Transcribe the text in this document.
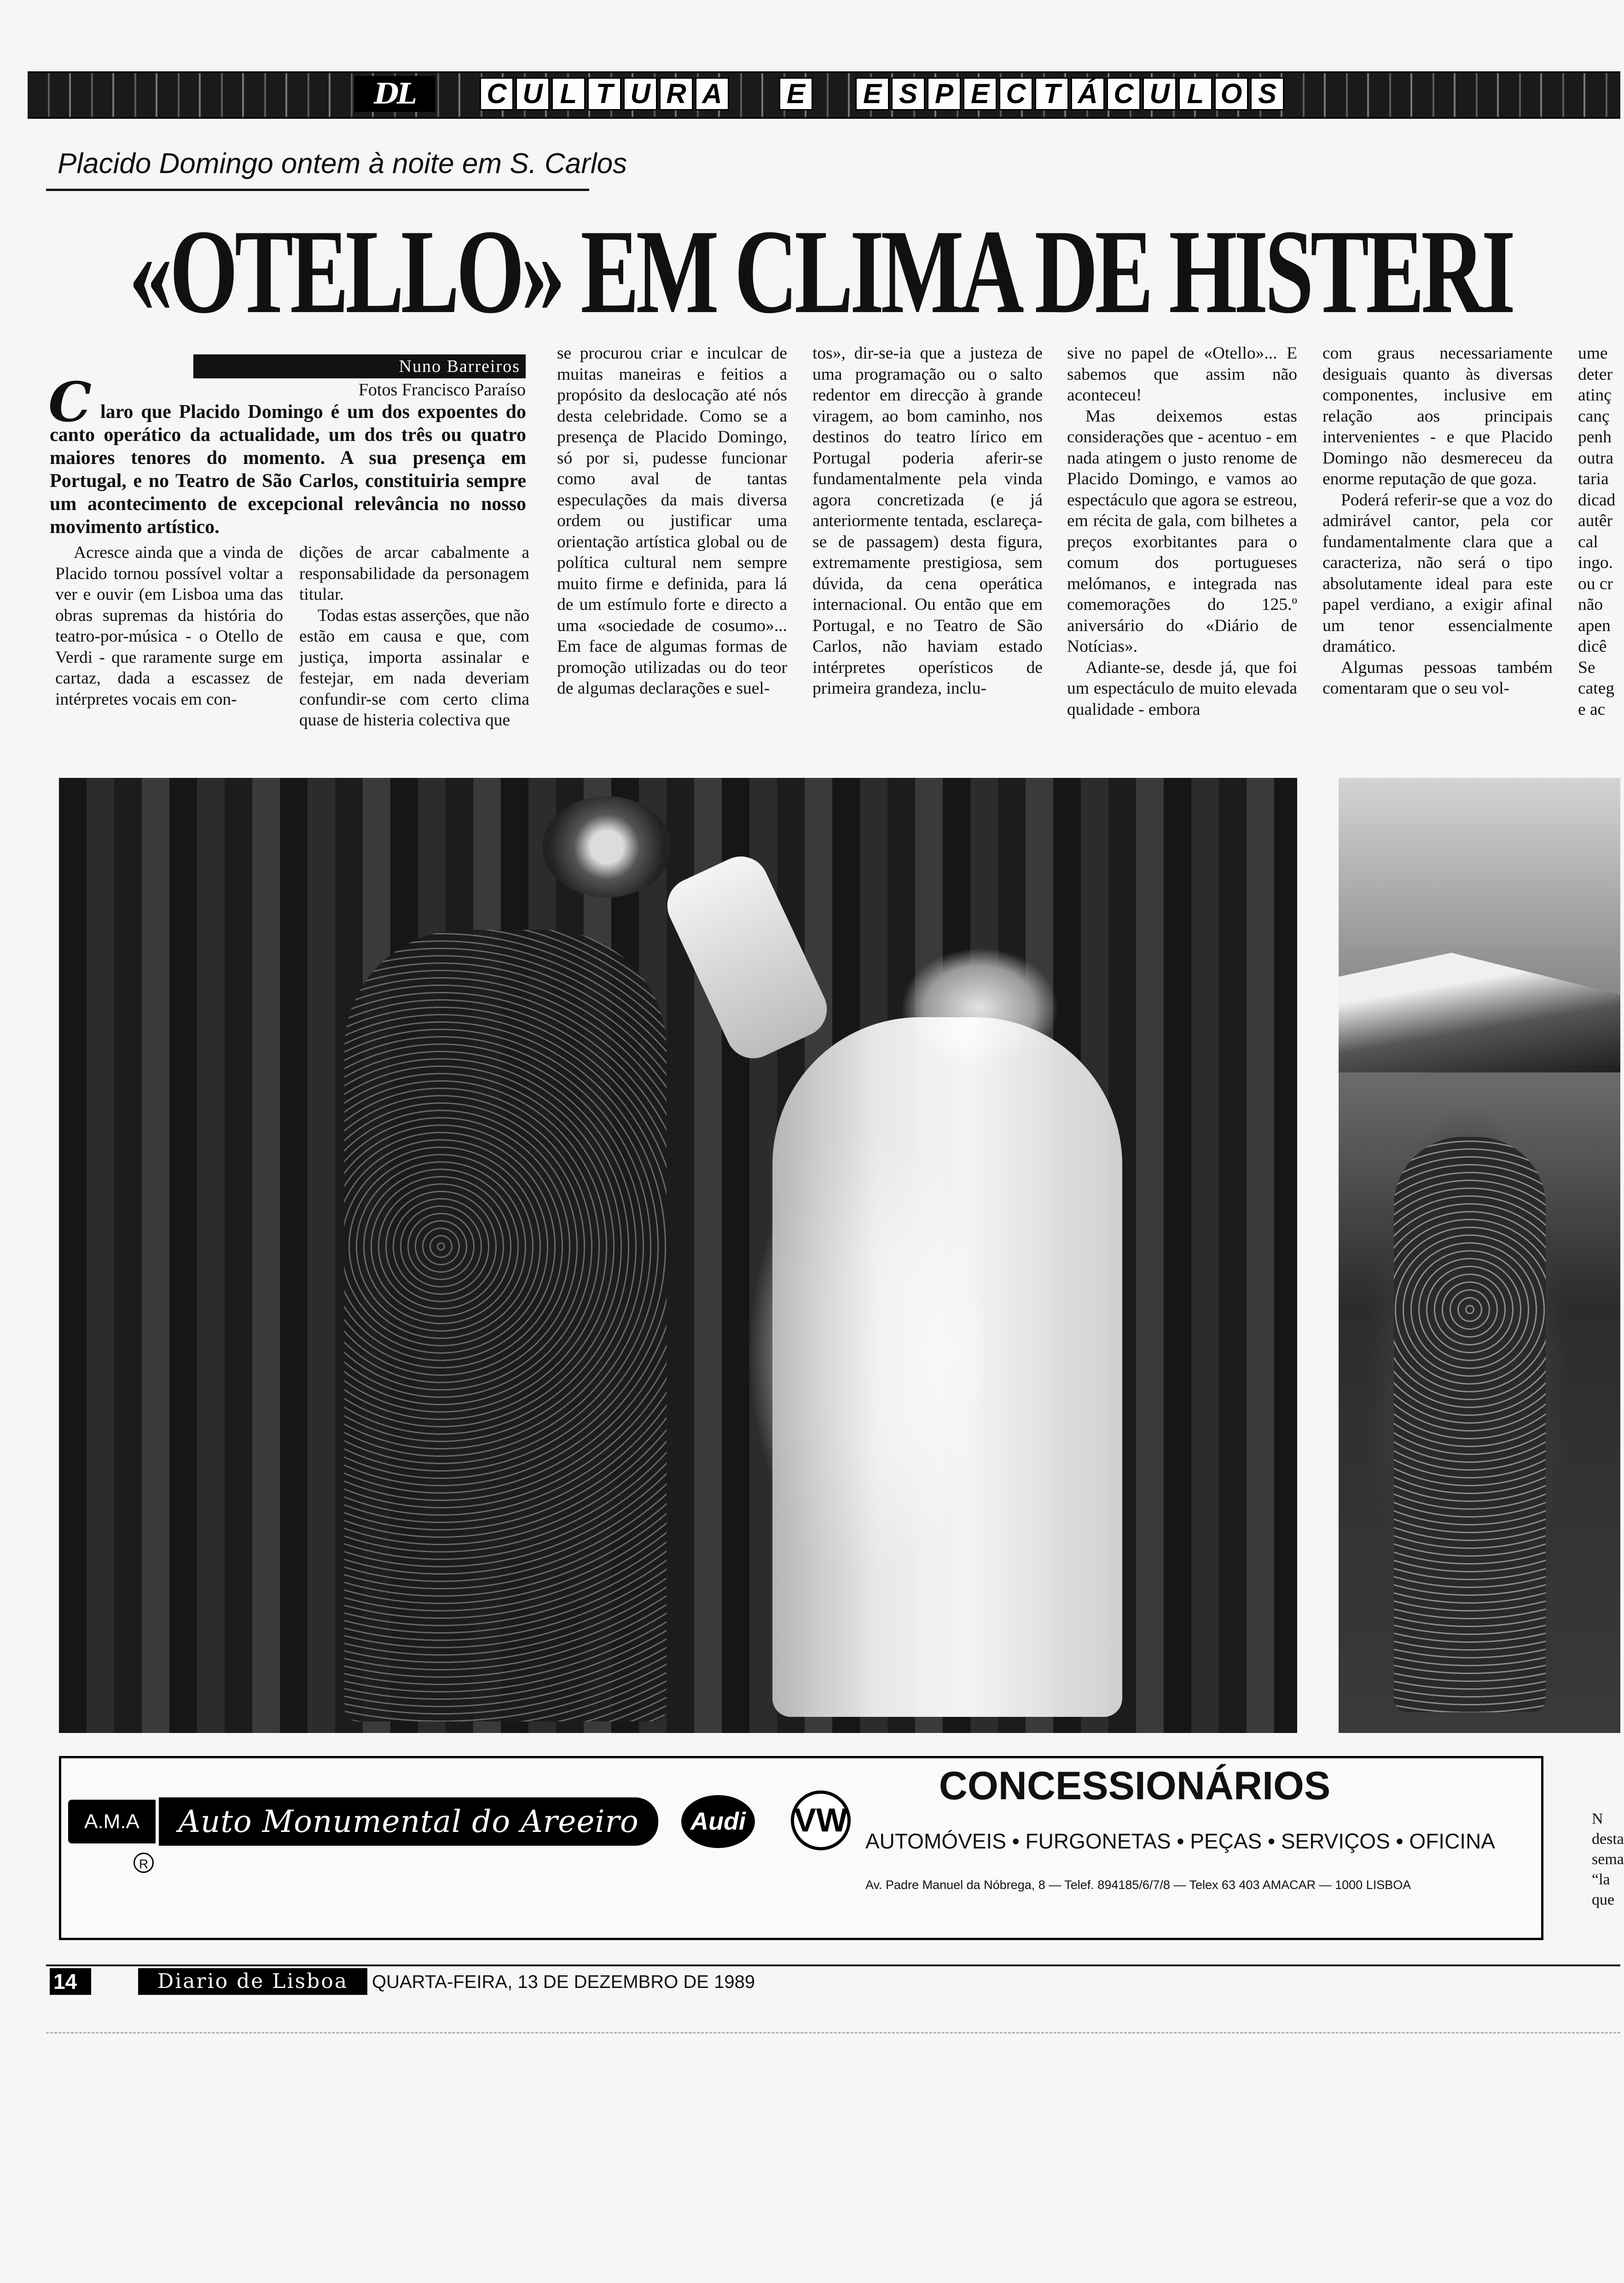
DL	C U L T U R A E E S P E C T Á C U L O S
Placido Domingo ontem à noite em S. Carlos
«OTELLO» EM CLIMA DE HISTERI
Nuno Barreiros
Fotos Francisco Paraíso
C laro que Placido Domingo é um dos expoentes do canto operático da actualidade, um dos três ou quatro maiores tenores do momento. A sua presença em Portugal, e no Teatro de São Carlos, constituiria sempre um acontecimento de excepcional relevância no nosso movimento artístico.

Acresce ainda que a vinda de Placido tornou possível voltar a ver e ouvir (em Lisboa uma das obras supremas da história do teatro-por-música - o Otello de Verdi - que raramente surge em cartaz, dada a escassez de intérpretes vocais em con-

dições de arcar cabalmente a responsabilidade da personagem titular.

Todas estas asserções, que não estão em causa e que, com justiça, importa assinalar e festejar, em nada deveriam confundir-se com certo clima quase de histeria colectiva que

se procurou criar e inculcar de muitas maneiras e feitios a propósito da deslocação até nós desta celebridade. Como se a presença de Placido Domingo, só por si, pudesse funcionar como aval de tantas especulações da mais diversa ordem ou justificar uma orientação artística global ou de política cultural nem sempre muito firme e definida, para lá de um estímulo forte e directo a uma «sociedade de cosumo»... Em face de algumas formas de promoção utilizadas ou do teor de algumas declarações e suel-

tos», dir-se-ia que a justeza de uma programação ou o salto redentor em direcção à grande viragem, ao bom caminho, nos destinos do teatro lírico em Portugal poderia aferir-se fundamentalmente pela vinda agora concretizada (e já anteriormente tentada, esclareça-se de passagem) desta figura, extremamente prestigiosa, sem dúvida, da cena operática internacional. Ou então que em Portugal, e no Teatro de São Carlos, não haviam estado intérpretes operísticos de primeira grandeza, inclu-

sive no papel de «Otello»... E sabemos que assim não aconteceu!

Mas deixemos estas considerações que - acentuo - em nada atingem o justo renome de Placido Domingo, e vamos ao espectáculo que agora se estreou, em récita de gala, com bilhetes a preços exorbitantes para o comum dos portugueses melómanos, e integrada nas comemorações do 125.º aniversário do «Diário de Notícias».

Adiante-se, desde já, que foi um espectáculo de muito elevada qualidade - embora

com graus necessariamente desiguais quanto às diversas componentes, inclusive em relação aos principais intervenientes - e que Placido Domingo não desmereceu da enorme reputação de que goza.

Poderá referir-se que a voz do admirável cantor, pela cor fundamentalmente clara que a caracteriza, não será o tipo absolutamente ideal para este papel verdiano, a exigir afinal um tenor essencialmente dramático.

Algumas pessoas também comentaram que o seu vol-

ume
deter
atinç
canç
penh
outra
taria
dicad
autêr
cal
ingo.
ou cr
não
apen
dicê
Se
categ
e ac
A.M.A	Auto Monumental do Areeiro
R
Audi VW
CONCESSIONÁRIOS
AUTOMÓVEIS • FURGONETAS • PEÇAS • SERVIÇOS • OFICINA
Av. Padre Manuel da Nóbrega, 8 — Telef. 894185/6/7/8 — Telex 63 403 AMACAR — 1000 LISBOA
N
desta
sema
“la
que
14	Diario de Lisboa	QUARTA-FEIRA, 13 DE DEZEMBRO DE 1989
